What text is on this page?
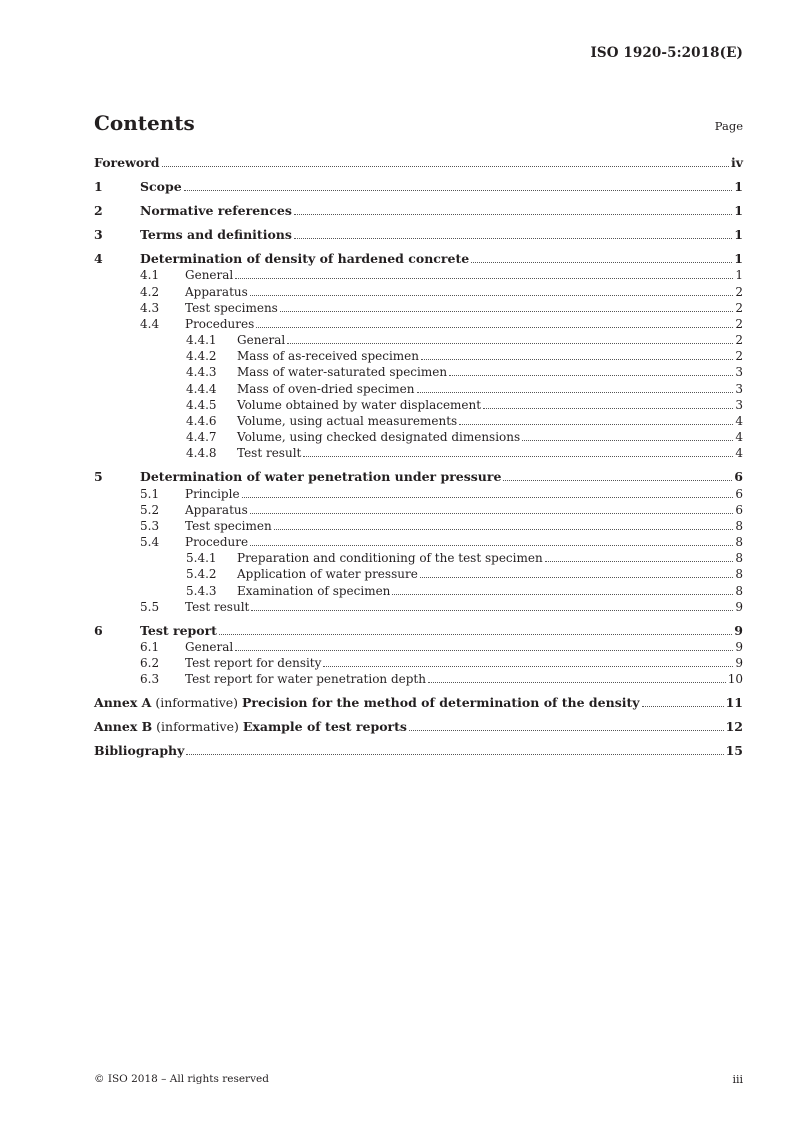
ISO 1920-5:2018(E)
Contents	Page
Foreword	iv
1	Scope	1
2	Normative references	1
3	Terms and definitions	1
4	Determination of density of hardened concrete	1
4.1 General	1
4.2 Apparatus	2
4.3 Test specimens	2
4.4 Procedures	2
4.4.1 General	2
4.4.2 Mass of as-received specimen	2
4.4.3 Mass of water-saturated specimen	3
4.4.4 Mass of oven-dried specimen	3
4.4.5 Volume obtained by water displacement	3
4.4.6 Volume, using actual measurements	4
4.4.7 Volume, using checked designated dimensions	4
4.4.8 Test result	4
5	Determination of water penetration under pressure	6
5.1 Principle	6
5.2 Apparatus	6
5.3 Test specimen	8
5.4 Procedure	8
5.4.1 Preparation and conditioning of the test specimen	8
5.4.2 Application of water pressure	8
5.4.3 Examination of specimen	8
5.5 Test result	9
6	Test report	9
6.1 General	9
6.2 Test report for density	9
6.3 Test report for water penetration depth	10
Annex A (informative) Precision for the method of determination of the density	11
Annex B (informative) Example of test reports	12
Bibliography	15
© ISO 2018 – All rights reserved	iii
